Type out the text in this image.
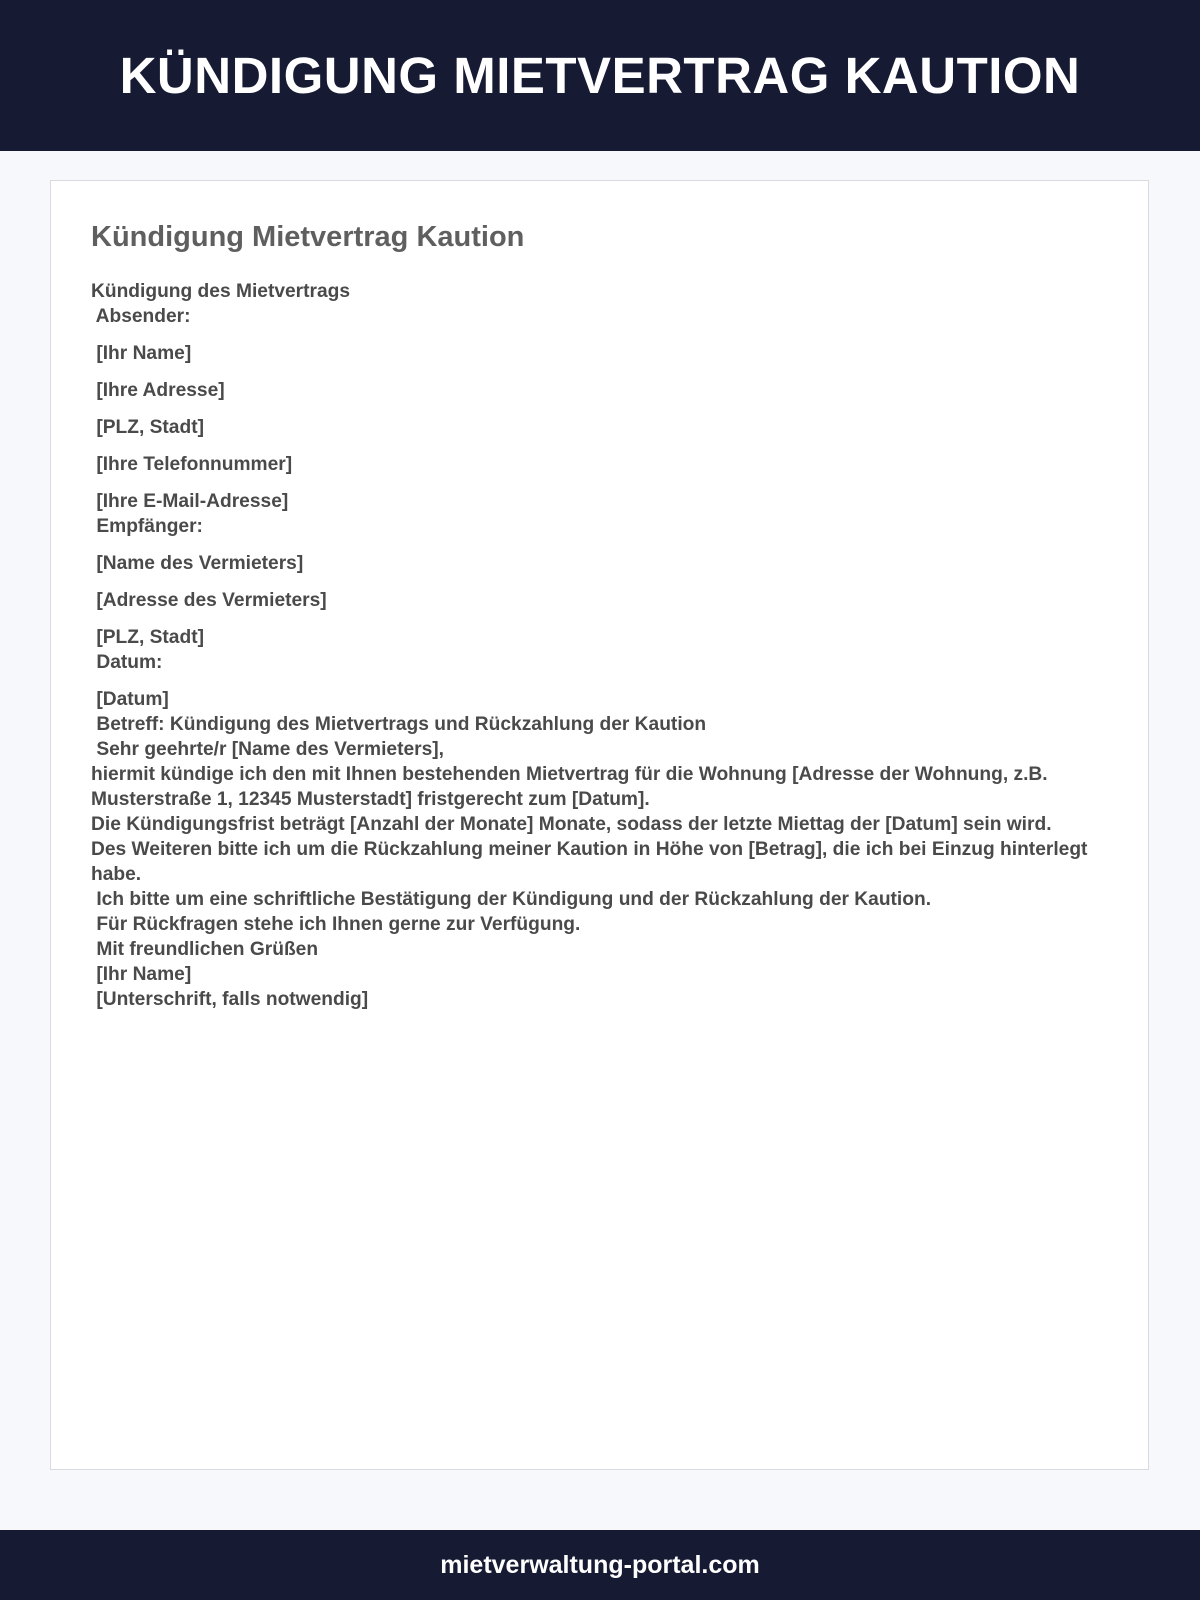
KÜNDIGUNG MIETVERTRAG KAUTION
Kündigung Mietvertrag Kaution
Kündigung des Mietvertrags
Absender:
[Ihr Name]
[Ihre Adresse]
[PLZ, Stadt]
[Ihre Telefonnummer]
[Ihre E-Mail-Adresse]
Empfänger:
[Name des Vermieters]
[Adresse des Vermieters]
[PLZ, Stadt]
Datum:
[Datum]
Betreff: Kündigung des Mietvertrags und Rückzahlung der Kaution
Sehr geehrte/r [Name des Vermieters],
hiermit kündige ich den mit Ihnen bestehenden Mietvertrag für die Wohnung [Adresse der Wohnung, z.B. Musterstraße 1, 12345 Musterstadt] fristgerecht zum [Datum].
Die Kündigungsfrist beträgt [Anzahl der Monate] Monate, sodass der letzte Miettag der [Datum] sein wird.
Des Weiteren bitte ich um die Rückzahlung meiner Kaution in Höhe von [Betrag], die ich bei Einzug hinterlegt habe.
Ich bitte um eine schriftliche Bestätigung der Kündigung und der Rückzahlung der Kaution.
Für Rückfragen stehe ich Ihnen gerne zur Verfügung.
Mit freundlichen Grüßen
[Ihr Name]
[Unterschrift, falls notwendig]
mietverwaltung-portal.com
